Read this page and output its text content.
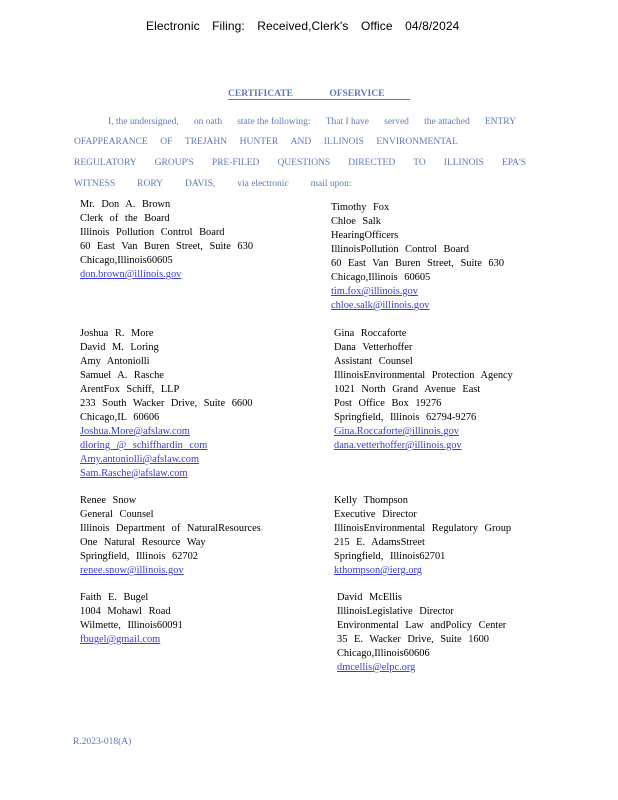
Electronic Filing: Received,Clerk's Office 04/8/2024
CERTIFICATE OFSERVICE
I, the undersigned, on oath state the following: That I have served the attached ENTRY
OFAPPEARANCE OF TREJAHN HUNTER AND ILLINOIS ENVIRONMENTAL
REGULATORY GROUP'S PRE-FILED QUESTIONS DIRECTED TO ILLINOIS EPA'S
WITNESS RORY DAVIS, via electronic mail upon:
Mr. Don A. Brown
Clerk of the Board
Illinois Pollution Control Board
60 East Van Buren Street, Suite 630
Chicago,Illinois60605
don.brown@illinois.gov
Timothy Fox
Chloe Salk
HearingOfficers
IllinoisPollution Control Board
60 East Van Buren Street, Suite 630
Chicago,Illinois 60605
tim.fox@illinois.gov
chloe.salk@illinois.gov
Joshua R. More
David M. Loring
Amy Antoniolli
Samuel A. Rasche
ArentFox Schiff, LLP
233 South Wacker Drive, Suite 6600
Chicago,IL 60606
Joshua.More@afslaw.com
dloring @ schiffhardin com
Amy.antoniolli@afslaw.com
Sam.Rasche@afslaw.com
Gina Roccaforte
Dana Vetterhoffer
Assistant Counsel
IllinoisEnvironmental Protection Agency
1021 North Grand Avenue East
Post Office Box 19276
Springfield, Illinois 62794-9276
Gina.Roccaforte@illinois.gov
dana.vetterhoffer@illinois.gov
Renee Snow
General Counsel
Illinois Department of NaturalResources
One Natural Resource Way
Springfield, Illinois 62702
renee.snow@illinois.gov
Kelly Thompson
Executive Director
IllinoisEnvironmental Regulatory Group
215 E. AdamsStreet
Springfield, Illinois62701
kthompson@ierg.org
Faith E. Bugel
1004 Mohawl Road
Wilmette, Illinois60091
fbugel@gmail.com
David McEllis
IllinoisLegislative Director
Environmental Law andPolicy Center
35 E. Wacker Drive, Suite 1600
Chicago,Illinois60606
dmcellis@elpc.org
R.2023-018(A)
